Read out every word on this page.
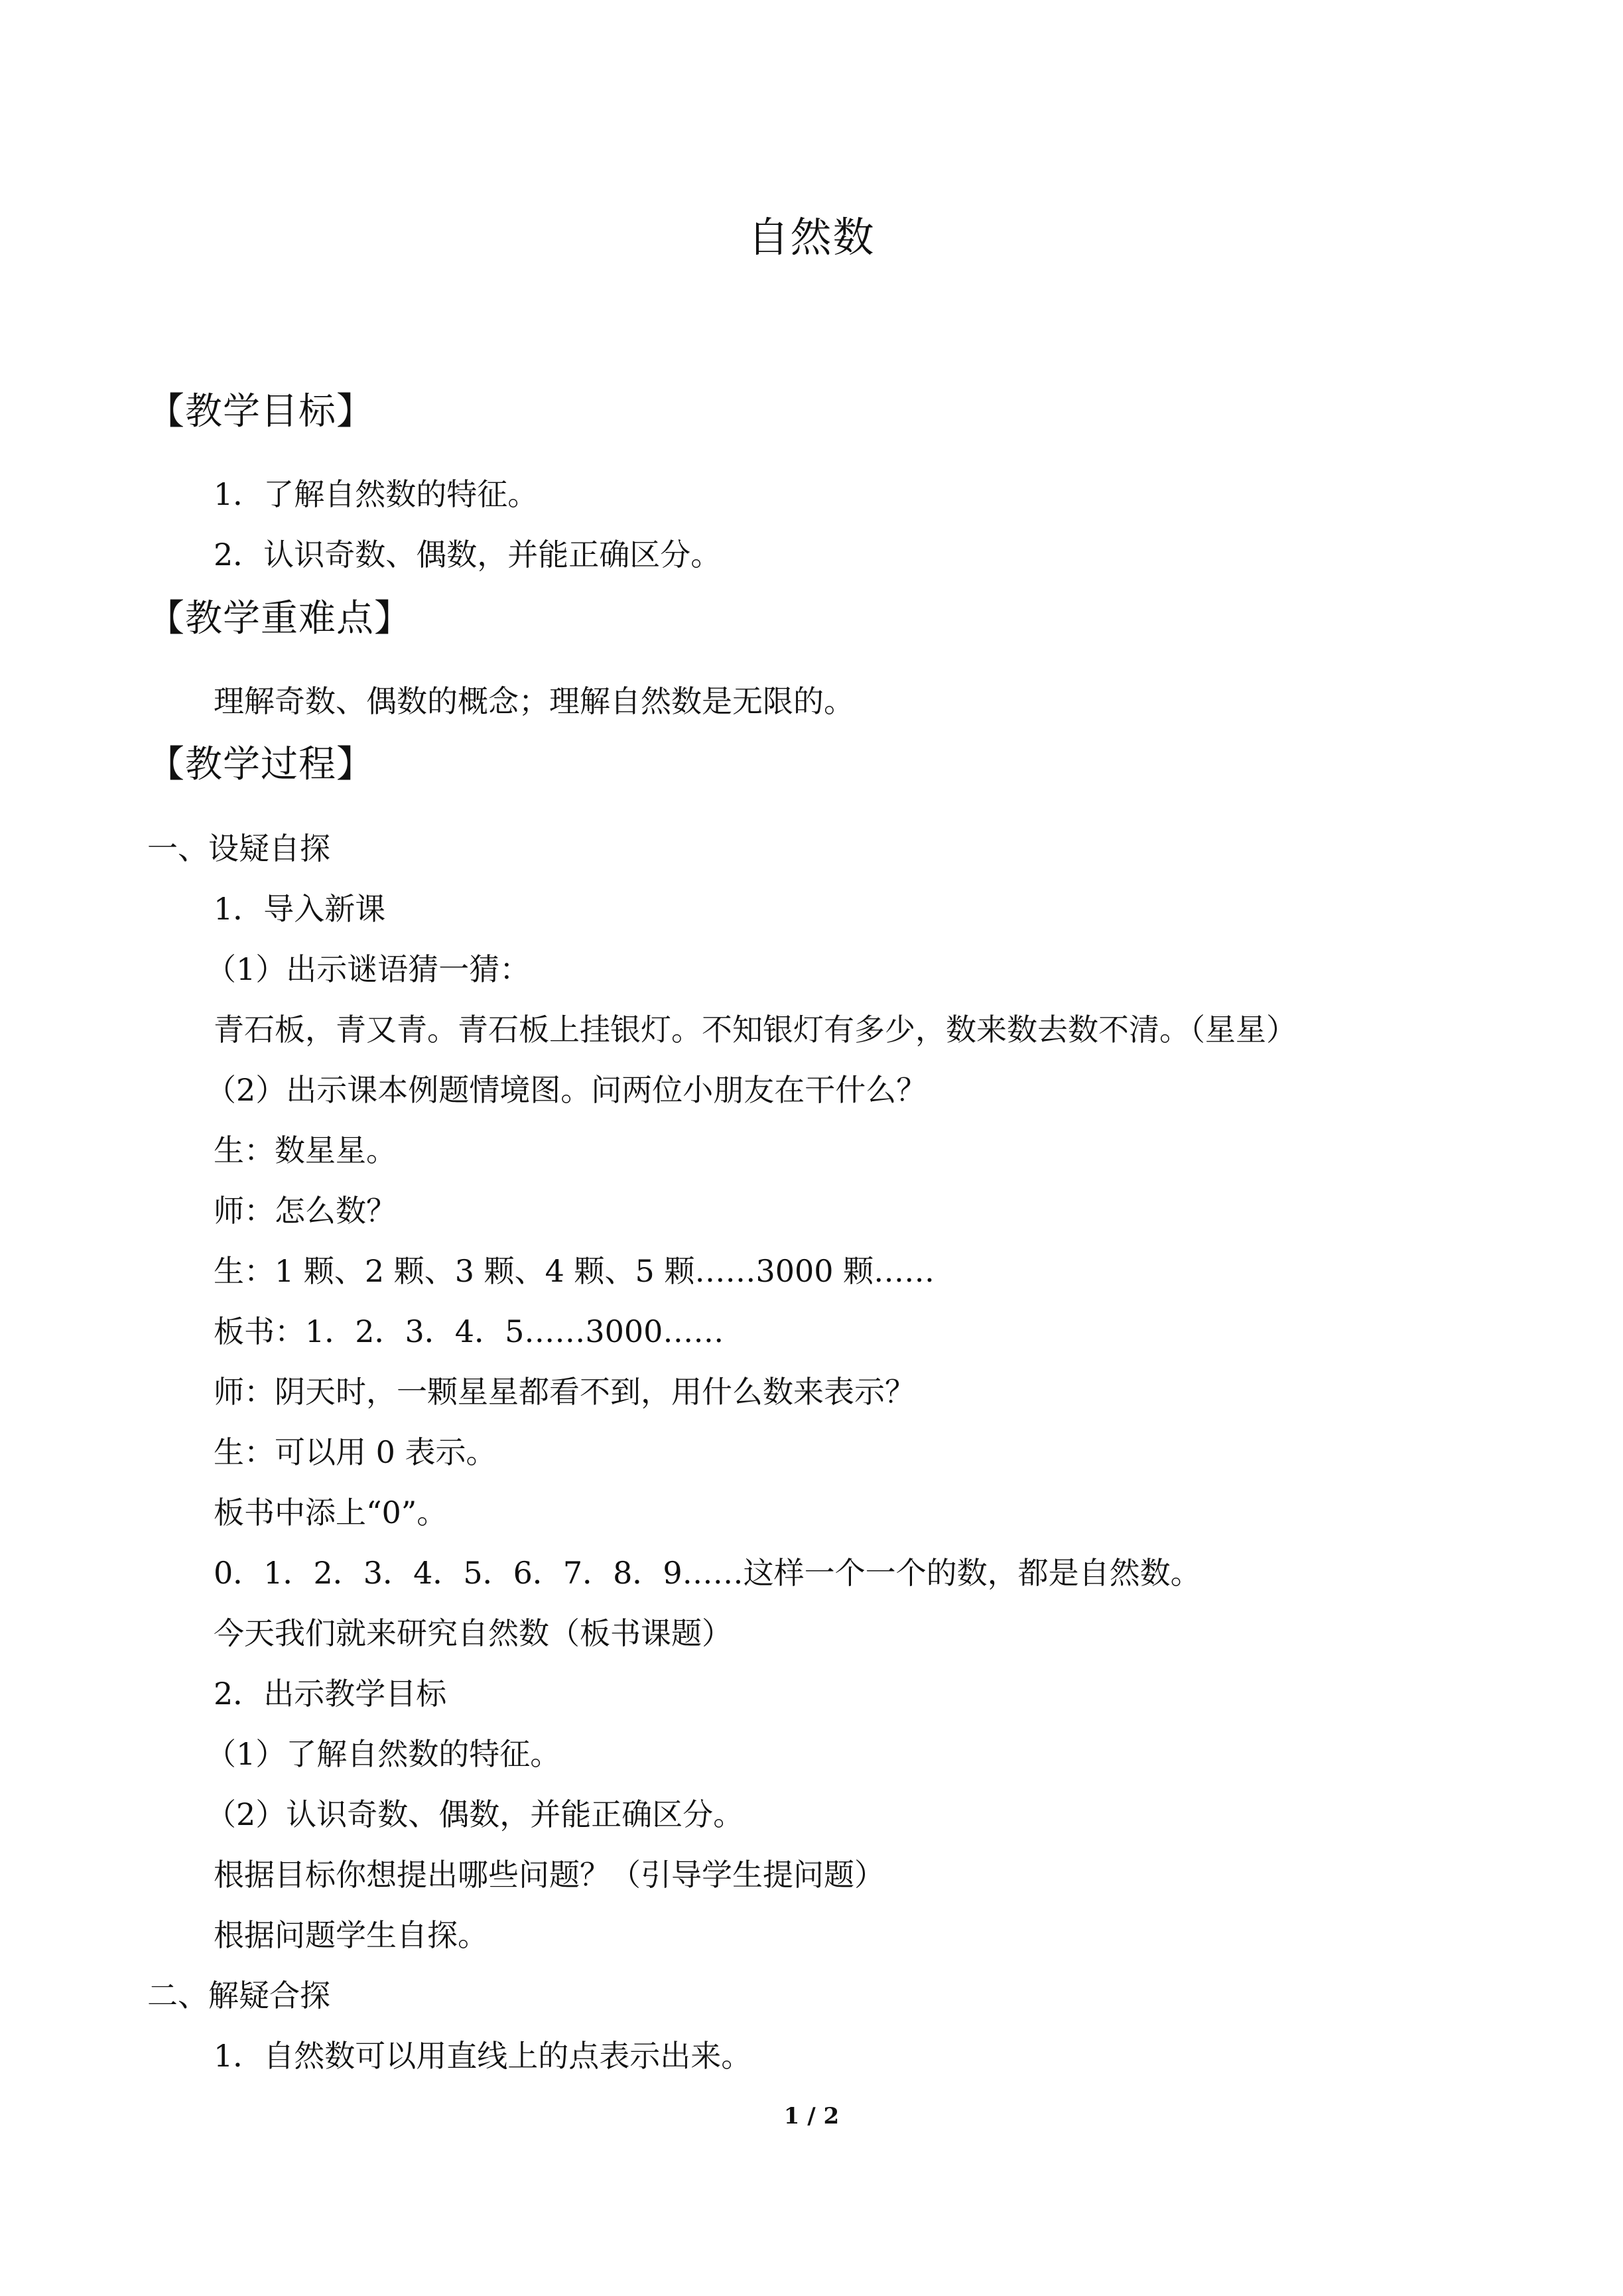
自然数
【教学目标】
1．了解自然数的特征。
2．认识奇数、偶数，并能正确区分。
【教学重难点】
理解奇数、偶数的概念；理解自然数是无限的。
【教学过程】
一、设疑自探
1．导入新课
（1）出示谜语猜一猜：
青石板，青又青。青石板上挂银灯。不知银灯有多少，数来数去数不清。（星星）
（2）出示课本例题情境图。问两位小朋友在干什么？
生：数星星。
师：怎么数？
生：1 颗、2 颗、3 颗、4 颗、5 颗……3000 颗……
板书：1．2．3．4．5……3000……
师：阴天时，一颗星星都看不到，用什么数来表示？
生：可以用 0 表示。
板书中添上“0”。
0．1．2．3．4．5．6．7．8．9……这样一个一个的数，都是自然数。
今天我们就来研究自然数（板书课题）
2．出示教学目标
（1）了解自然数的特征。
（2）认识奇数、偶数，并能正确区分。
根据目标你想提出哪些问题？（引导学生提问题）
根据问题学生自探。
二、解疑合探
1．自然数可以用直线上的点表示出来。
1 / 2
